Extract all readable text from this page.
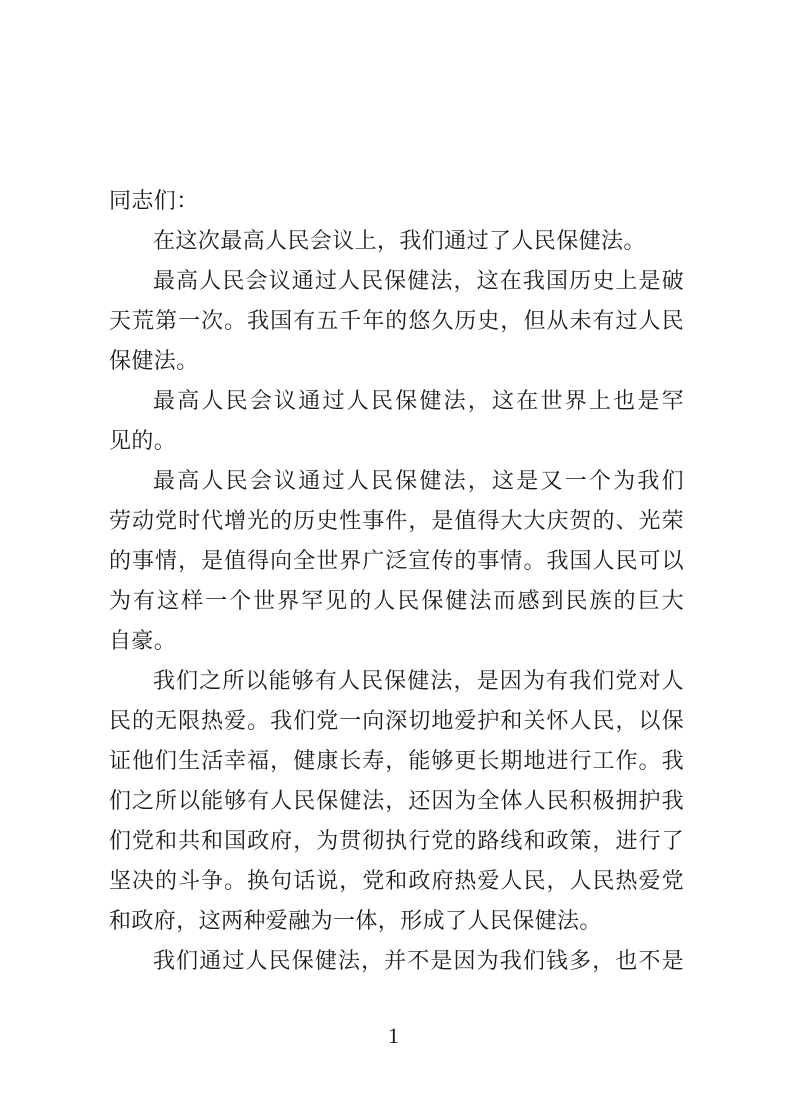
同志们：
在这次最高人民会议上，我们通过了人民保健法。
最高人民会议通过人民保健法，这在我国历史上是破
天荒第一次。我国有五千年的悠久历史，但从未有过人民
保健法。
最高人民会议通过人民保健法，这在世界上也是罕
见的。
最高人民会议通过人民保健法，这是又一个为我们
劳动党时代增光的历史性事件，是值得大大庆贺的、光荣
的事情，是值得向全世界广泛宣传的事情。我国人民可以
为有这样一个世界罕见的人民保健法而感到民族的巨大
自豪。
我们之所以能够有人民保健法，是因为有我们党对人
民的无限热爱。我们党一向深切地爱护和关怀人民，以保
证他们生活幸福，健康长寿，能够更长期地进行工作。我
们之所以能够有人民保健法，还因为全体人民积极拥护我
们党和共和国政府，为贯彻执行党的路线和政策，进行了
坚决的斗争。换句话说，党和政府热爱人民，人民热爱党
和政府，这两种爱融为一体，形成了人民保健法。
我们通过人民保健法，并不是因为我们钱多，也不是
1
